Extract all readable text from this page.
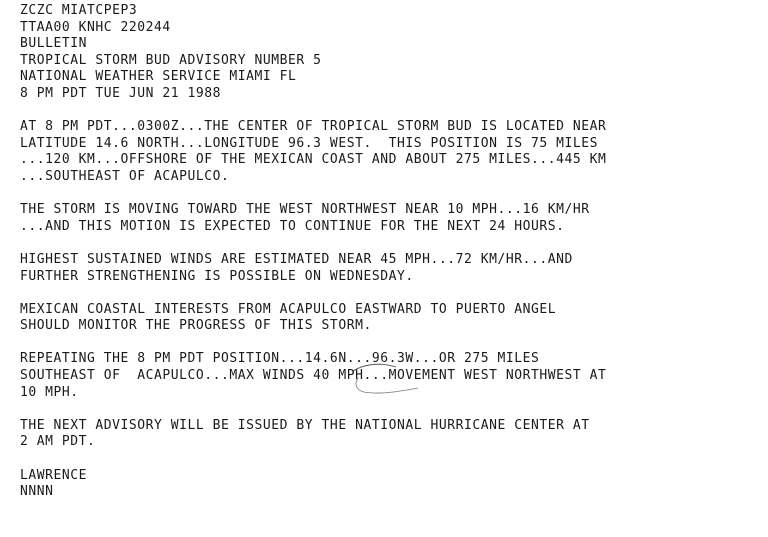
ZCZC MIATCPEP3
TTAA00 KNHC 220244
BULLETIN
TROPICAL STORM BUD ADVISORY NUMBER 5
NATIONAL WEATHER SERVICE MIAMI FL
8 PM PDT TUE JUN 21 1988
AT 8 PM PDT...0300Z...THE CENTER OF TROPICAL STORM BUD IS LOCATED NEAR
LATITUDE 14.6 NORTH...LONGITUDE 96.3 WEST.  THIS POSITION IS 75 MILES
...120 KM...OFFSHORE OF THE MEXICAN COAST AND ABOUT 275 MILES...445 KM
...SOUTHEAST OF ACAPULCO.
THE STORM IS MOVING TOWARD THE WEST NORTHWEST NEAR 10 MPH...16 KM/HR
...AND THIS MOTION IS EXPECTED TO CONTINUE FOR THE NEXT 24 HOURS.
HIGHEST SUSTAINED WINDS ARE ESTIMATED NEAR 45 MPH...72 KM/HR...AND
FURTHER STRENGTHENING IS POSSIBLE ON WEDNESDAY.
MEXICAN COASTAL INTERESTS FROM ACAPULCO EASTWARD TO PUERTO ANGEL
SHOULD MONITOR THE PROGRESS OF THIS STORM.
REPEATING THE 8 PM PDT POSITION...14.6N...96.3W...OR 275 MILES
SOUTHEAST OF  ACAPULCO...MAX WINDS 40 MPH...MOVEMENT WEST NORTHWEST AT
10 MPH.
THE NEXT ADVISORY WILL BE ISSUED BY THE NATIONAL HURRICANE CENTER AT
2 AM PDT.
LAWRENCE
NNNN
